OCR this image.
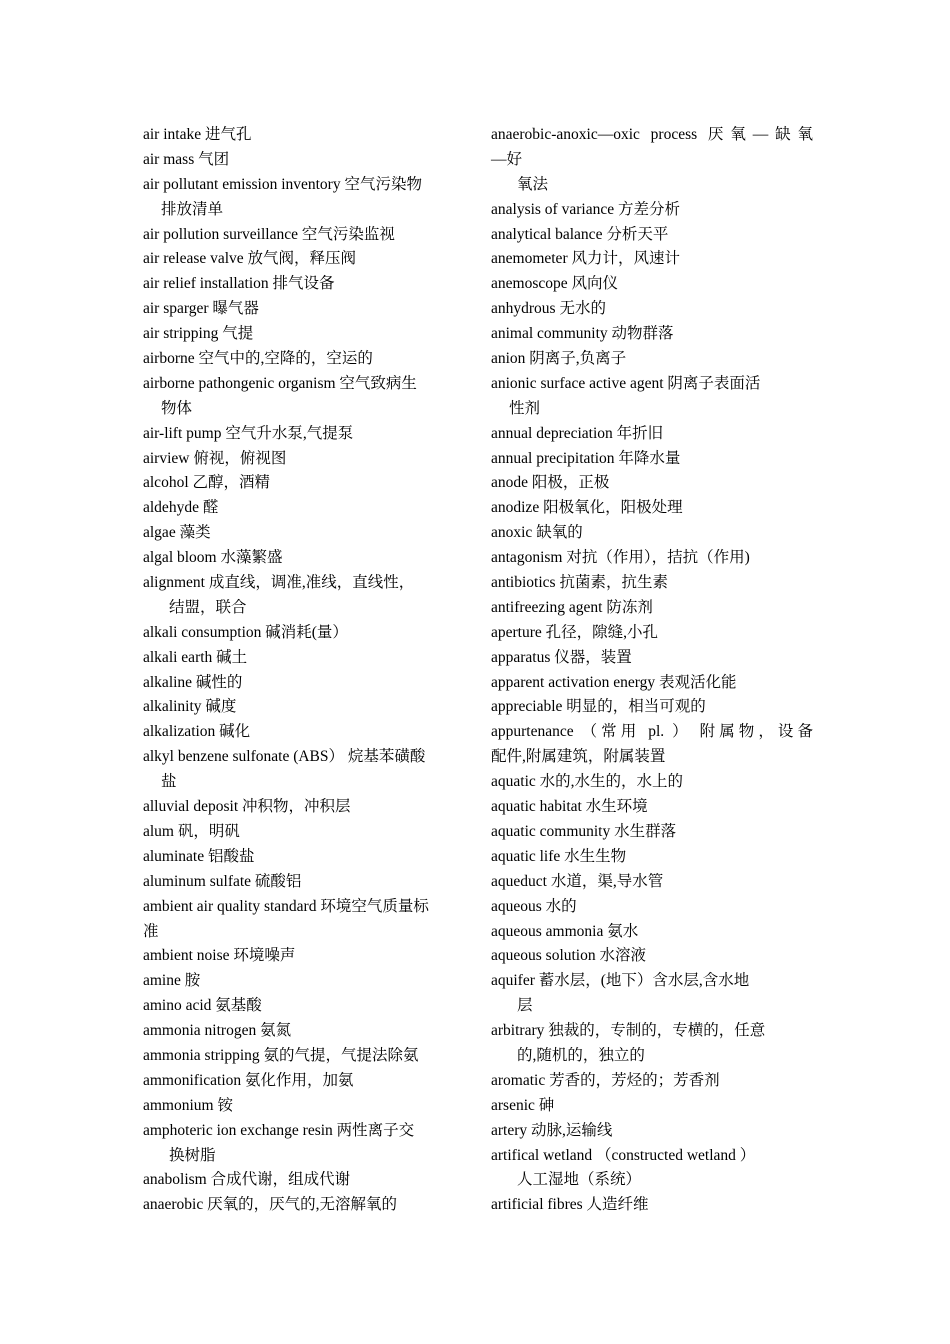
air intake 进气孔
air mass 气团
air pollutant emission inventory 空气污染物
排放清单
air pollution surveillance 空气污染监视
air release valve 放气阀，释压阀
air relief installation 排气设备
air sparger 曝气器
air stripping 气提
airborne 空气中的,空降的，空运的
airborne pathongenic organism 空气致病生
物体
air-lift pump 空气升水泵,气提泵
airview 俯视，俯视图
alcohol 乙醇，酒精
aldehyde 醛
algae 藻类
algal bloom 水藻繁盛
alignment 成直线，调准,准线，直线性，
结盟，联合
alkali consumption 碱消耗(量）
alkali earth 碱土
alkaline 碱性的
alkalinity 碱度
alkalization 碱化
alkyl benzene sulfonate (ABS） 烷基苯磺酸
盐
alluvial deposit 冲积物，冲积层
alum 矾，明矾
aluminate 铝酸盐
aluminum sulfate 硫酸铝
ambient air quality standard 环境空气质量标
准
ambient noise 环境噪声
amine 胺
amino acid 氨基酸
ammonia nitrogen 氨氮
ammonia stripping 氨的气提，气提法除氨
ammonification 氨化作用，加氨
ammonium 铵
amphoteric ion exchange resin 两性离子交
换树脂
anabolism 合成代谢，组成代谢
anaerobic 厌氧的，厌气的,无溶解氧的
anaerobic-anoxic—oxic process 厌氧—缺氧
—好
氧法
analysis of variance 方差分析
analytical balance 分析天平
anemometer 风力计，风速计
anemoscope 风向仪
anhydrous 无水的
animal community 动物群落
anion 阴离子,负离子
anionic surface active agent 阴离子表面活
性剂
annual depreciation 年折旧
annual precipitation 年降水量
anode 阳极，正极
anodize 阳极氧化，阳极处理
anoxic 缺氧的
antagonism 对抗（作用），拮抗（作用)
antibiotics 抗菌素，抗生素
antifreezing agent 防冻剂
aperture 孔径，隙缝,小孔
apparatus 仪器，装置
apparent activation energy 表观活化能
appreciable 明显的，相当可观的
appurtenance （常用 pl. ） 附属物，设备
配件,附属建筑，附属装置
aquatic 水的,水生的，水上的
aquatic habitat 水生环境
aquatic community 水生群落
aquatic life 水生生物
aqueduct 水道，渠,导水管
aqueous 水的
aqueous ammonia 氨水
aqueous solution 水溶液
aquifer 蓄水层，(地下）含水层,含水地
层
arbitrary 独裁的，专制的，专横的，任意
的,随机的，独立的
aromatic 芳香的，芳烃的；芳香剂
arsenic 砷
artery 动脉,运输线
artifical wetland （constructed wetland ）
人工湿地（系统）
artificial fibres 人造纤维
